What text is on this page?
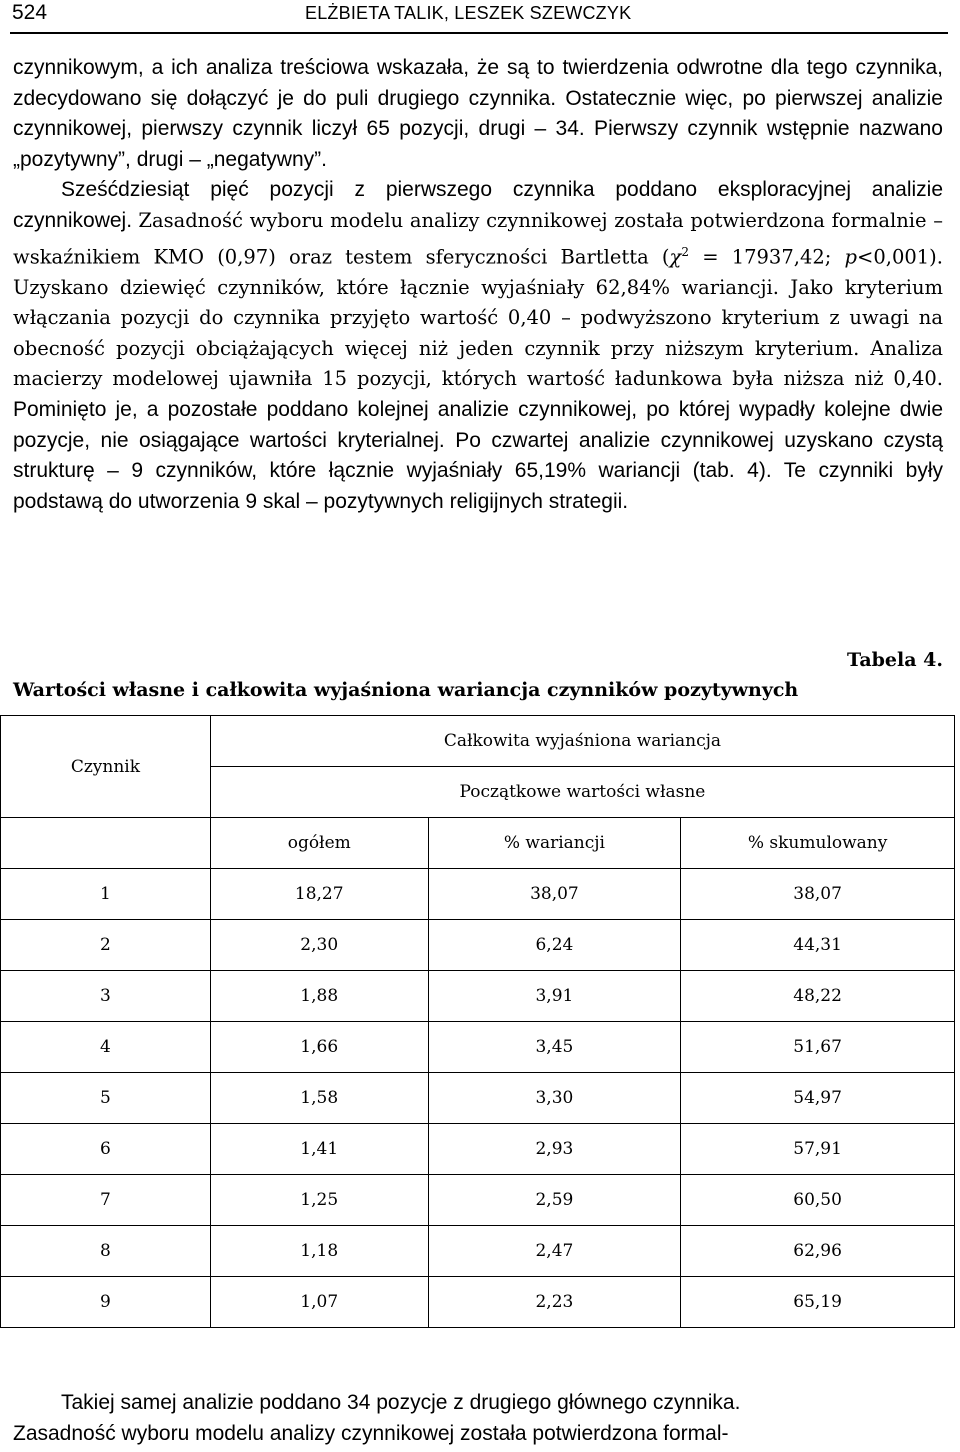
524	ELŻBIETA TALIK, LESZEK SZEWCZYK

czynnikowym, a ich analiza treściowa wskazała, że są to twierdzenia odwrotne dla tego czynnika, zdecydowano się dołączyć je do puli drugiego czynnika. Ostatecznie więc, po pierwszej analizie czynnikowej, pierwszy czynnik liczył 65 pozycji, drugi – 34. Pierwszy czynnik wstępnie nazwano „pozytywny”, drugi – „negatywny”.

Sześćdziesiąt pięć pozycji z pierwszego czynnika poddano eksploracyjnej analizie czynnikowej. Zasadność wyboru modelu analizy czynnikowej została potwierdzona formalnie – wskaźnikiem KMO (0,97) oraz testem sferyczności Bartletta ($\chi^2 = 17937,42$; p<0,001). Uzyskano dziewięć czynników, które łącznie wyjaśniały 62,84% wariancji. Jako kryterium włączania pozycji do czynnika przyjęto wartość 0,40 – podwyższono kryterium z uwagi na obecność pozycji obciążających więcej niż jeden czynnik przy niższym kryterium. Analiza macierzy modelowej ujawniła 15 pozycji, których wartość ładunkowa była niższa niż 0,40. Pominięto je, a pozostałe poddano kolejnej analizie czynnikowej, po której wypadły kolejne dwie pozycje, nie osiągające wartości kryterialnej. Po czwartej analizie czynnikowej uzyskano czystą strukturę – 9 czynników, które łącznie wyjaśniały 65,19% wariancji (tab. 4). Te czynniki były podstawą do utworzenia 9 skal – pozytywnych religijnych strategii.

Tabela 4.
Wartości własne i całkowita wyjaśniona wariancja czynników pozytywnych
Czynnik	Całkowita wyjaśniona wariancja		
	Początkowe wartości własne		
	ogółem	% wariancji	% skumulowany
1	18,27	38,07	38,07
2	2,30	6,24	44,31
3	1,88	3,91	48,22
4	1,66	3,45	51,67
5	1,58	3,30	54,97
6	1,41	2,93	57,91
7	1,25	2,59	60,50
8	1,18	2,47	62,96
9	1,07	2,23	65,19

Takiej samej analizie poddano 34 pozycje z drugiego głównego czynnika.

Zasadność wyboru modelu analizy czynnikowej została potwierdzona formal-
